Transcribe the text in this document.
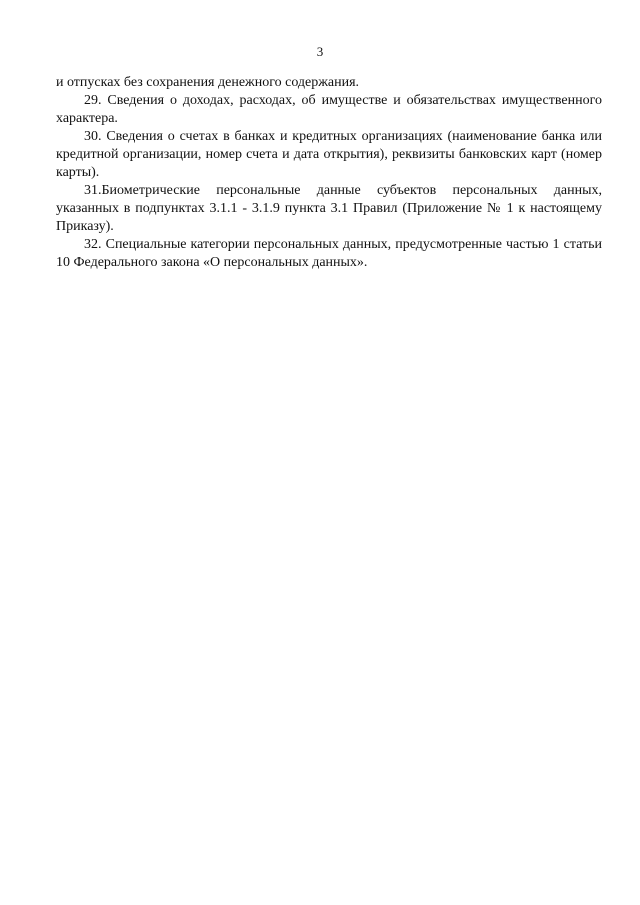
3

и отпусках без сохранения денежного содержания.

29. Сведения о доходах, расходах, об имуществе и обязательствах имущественного характера.

30. Сведения о счетах в банках и кредитных организациях (наименование банка или кредитной организации, номер счета и дата открытия), реквизиты банковских карт (номер карты).

31.Биометрические персональные данные субъектов персональных данных, указанных в подпунктах 3.1.1 - 3.1.9 пункта 3.1 Правил (Приложение № 1 к настоящему Приказу).

32. Специальные категории персональных данных, предусмотренные частью 1 статьи 10 Федерального закона «О персональных данных».
